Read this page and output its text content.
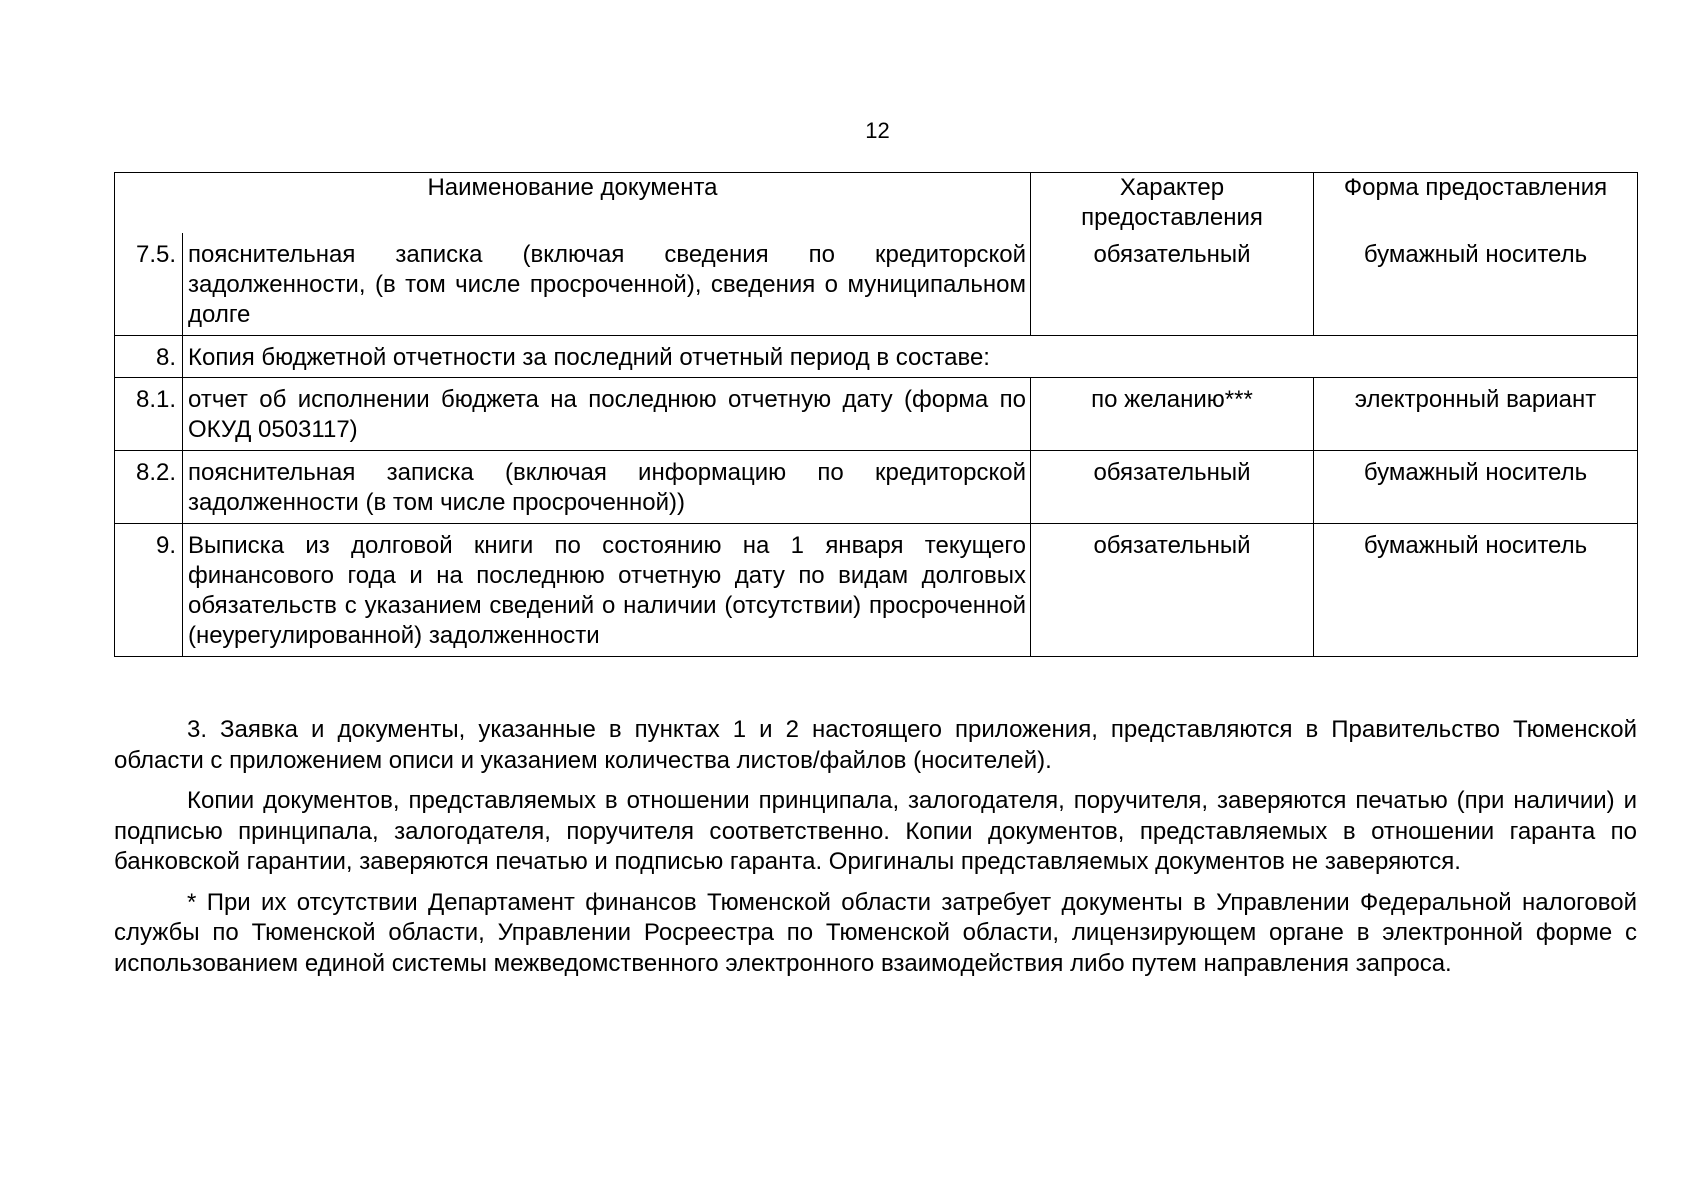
12
Наименование документа		Характер предоставления	Форма предоставления
7.5.	пояснительная записка (включая сведения по кредиторской задолженности, (в том числе просроченной), сведения о муниципальном долге	обязательный	бумажный носитель
8.	Копия бюджетной отчетности за последний отчетный период в составе:		
8.1.	отчет об исполнении бюджета на последнюю отчетную дату (форма по ОКУД 0503117)	по желанию***	электронный вариант
8.2.	пояснительная записка (включая информацию по кредиторской задолженности (в том числе просроченной))	обязательный	бумажный носитель
9.	Выписка из долговой книги по состоянию на 1 января текущего финансового года и на последнюю отчетную дату по видам долговых обязательств с указанием сведений о наличии (отсутствии) просроченной (неурегулированной) задолженности	обязательный	бумажный носитель

3. Заявка и документы, указанные в пунктах 1 и 2 настоящего приложения, представляются в Правительство Тюменской области с приложением описи и указанием количества листов/файлов (носителей).

Копии документов, представляемых в отношении принципала, залогодателя, поручителя, заверяются печатью (при наличии) и подписью принципала, залогодателя, поручителя соответственно. Копии документов, представляемых в отношении гаранта по банковской гарантии, заверяются печатью и подписью гаранта. Оригиналы представляемых документов не заверяются.

* При их отсутствии Департамент финансов Тюменской области затребует документы в Управлении Федеральной налоговой службы по Тюменской области, Управлении Росреестра по Тюменской области, лицензирующем органе в электронной форме с использованием единой системы межведомственного электронного взаимодействия либо путем направления запроса.
